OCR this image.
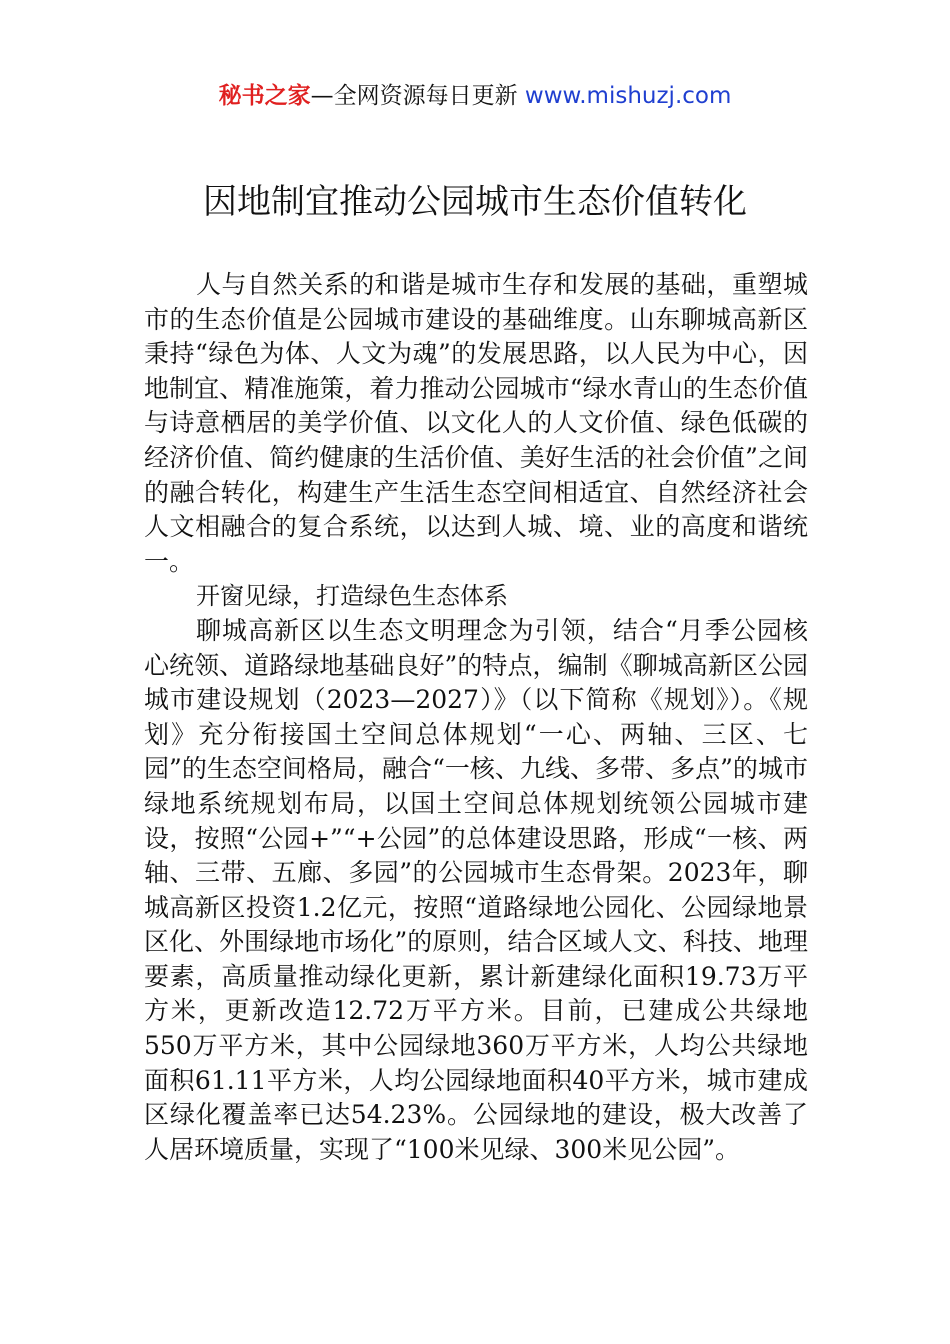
秘书之家—全网资源每日更新 www.mishuzj.com
因地制宜推动公园城市生态价值转化

人与自然关系的和谐是城市生存和发展的基础，重塑城市的生态价值是公园城市建设的基础维度。山东聊城高新区秉持“绿色为体、人文为魂”的发展思路，以人民为中心，因地制宜、精准施策，着力推动公园城市“绿水青山的生态价值与诗意栖居的美学价值、以文化人的人文价值、绿色低碳的经济价值、简约健康的生活价值、美好生活的社会价值”之间的融合转化，构建生产生活生态空间相适宜、自然经济社会人文相融合的复合系统，以达到人城、境、业的高度和谐统一。

开窗见绿，打造绿色生态体系

聊城高新区以生态文明理念为引领，结合“月季公园核心统领、道路绿地基础良好”的特点，编制《聊城高新区公园城市建设规划（2023—2027）》（以下简称《规划》）。《规划》充分衔接国土空间总体规划“一心、两轴、三区、七园”的生态空间格局，融合“一核、九线、多带、多点”的城市绿地系统规划布局，以国土空间总体规划统领公园城市建设，按照“公园+”“+公园”的总体建设思路，形成“一核、两轴、三带、五廊、多园”的公园城市生态骨架。2023年，聊城高新区投资1.2亿元，按照“道路绿地公园化、公园绿地景区化、外围绿地市场化”的原则，结合区域人文、科技、地理要素，高质量推动绿化更新，累计新建绿化面积19.73万平方米，更新改造12.72万平方米。目前，已建成公共绿地550万平方米，其中公园绿地360万平方米，人均公共绿地面积61.11平方米，人均公园绿地面积40平方米，城市建成区绿化覆盖率已达54.23%。公园绿地的建设，极大改善了人居环境质量，实现了“100米见绿、300米见公园”。
